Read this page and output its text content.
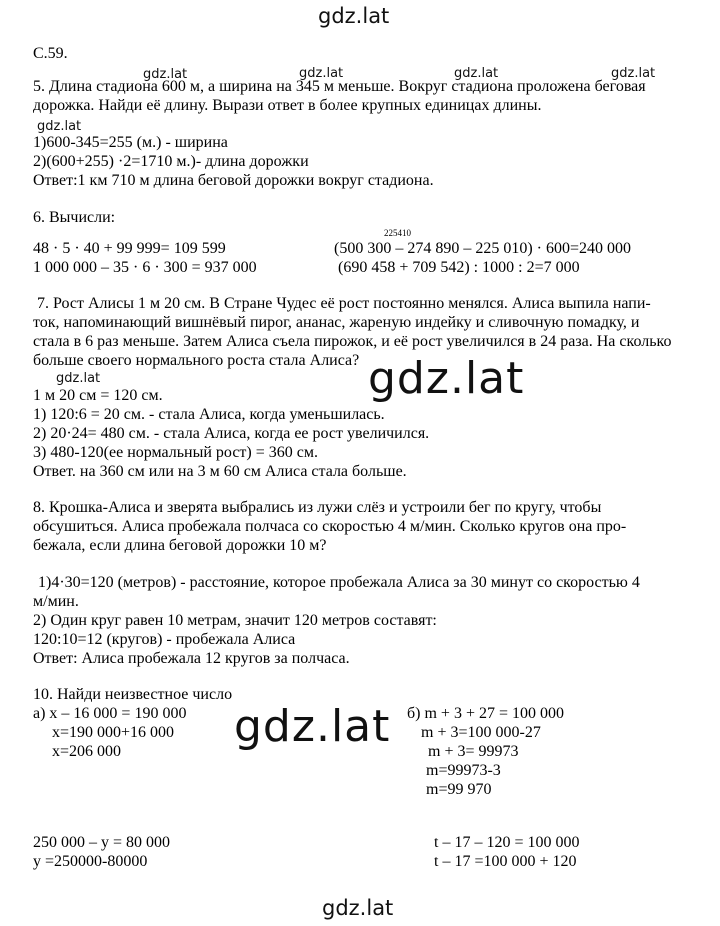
gdz.lat
gdz.lat	gdz.lat	gdz.lat	gdz.lat
gdz.lat
gdz.lat	gdz.lat
gdz.lat
gdz.lat
С.59.
5. Длина стадиона 600 м, а ширина на 345 м меньше. Вокруг стадиона проложена беговая
дорожка. Найди её длину. Вырази ответ в более крупных единицах длины.
1)600-345=255 (м.) - ширина
2)(600+255) ·2=1710 м.)- длина дорожки
Ответ:1 км 710 м длина беговой дорожки вокруг стадиона.
6. Вычисли:
225410
48 · 5 · 40 + 99 999= 109 599
1 000 000 – 35 · 6 · 300 = 937 000
(500 300 – 274 890 – 225 010) · 600=240 000
(690 458 + 709 542) : 1000 : 2=7 000
7. Рост Алисы 1 м 20 см. В Стране Чудес её рост постоянно менялся. Алиса выпила напи-
ток, напоминающий вишнёвый пирог, ананас, жареную индейку и сливочную помадку, и
стала в 6 раз меньше. Затем Алиса съела пирожок, и её рост увеличился в 24 раза. На сколько
больше своего нормального роста стала Алиса?
1 м 20 см = 120 см.
1) 120:6 = 20 см. - стала Алиса, когда уменьшилась.
2) 20·24= 480 см. - стала Алиса, когда ее рост увеличился.
3) 480-120(ее нормальный рост) = 360 см.
Ответ. на 360 см или на 3 м 60 см Алиса стала больше.
8. Крошка-Алиса и зверята выбрались из лужи слёз и устроили бег по кругу, чтобы
обсушиться. Алиса пробежала полчаса со скоростью 4 м/мин. Сколько кругов она про-
бежала, если длина беговой дорожки 10 м?
1)4·30=120 (метров) - расстояние, которое пробежала Алиса за 30 минут со скоростью 4
м/мин.
2) Один круг равен 10 метрам, значит 120 метров составят:
120:10=12 (кругов) - пробежала Алиса
Ответ: Алиса пробежала 12 кругов за полчаса.
10. Найди неизвестное число
а) х – 16 000 = 190 000
х=190 000+16 000
х=206 000
б) m + 3 + 27 = 100 000
m + 3=100 000-27
m + 3= 99973
m=99973-3
m=99 970
250 000 – у = 80 000
у =250000-80000
t – 17 – 120 = 100 000
t – 17 =100 000 + 120
